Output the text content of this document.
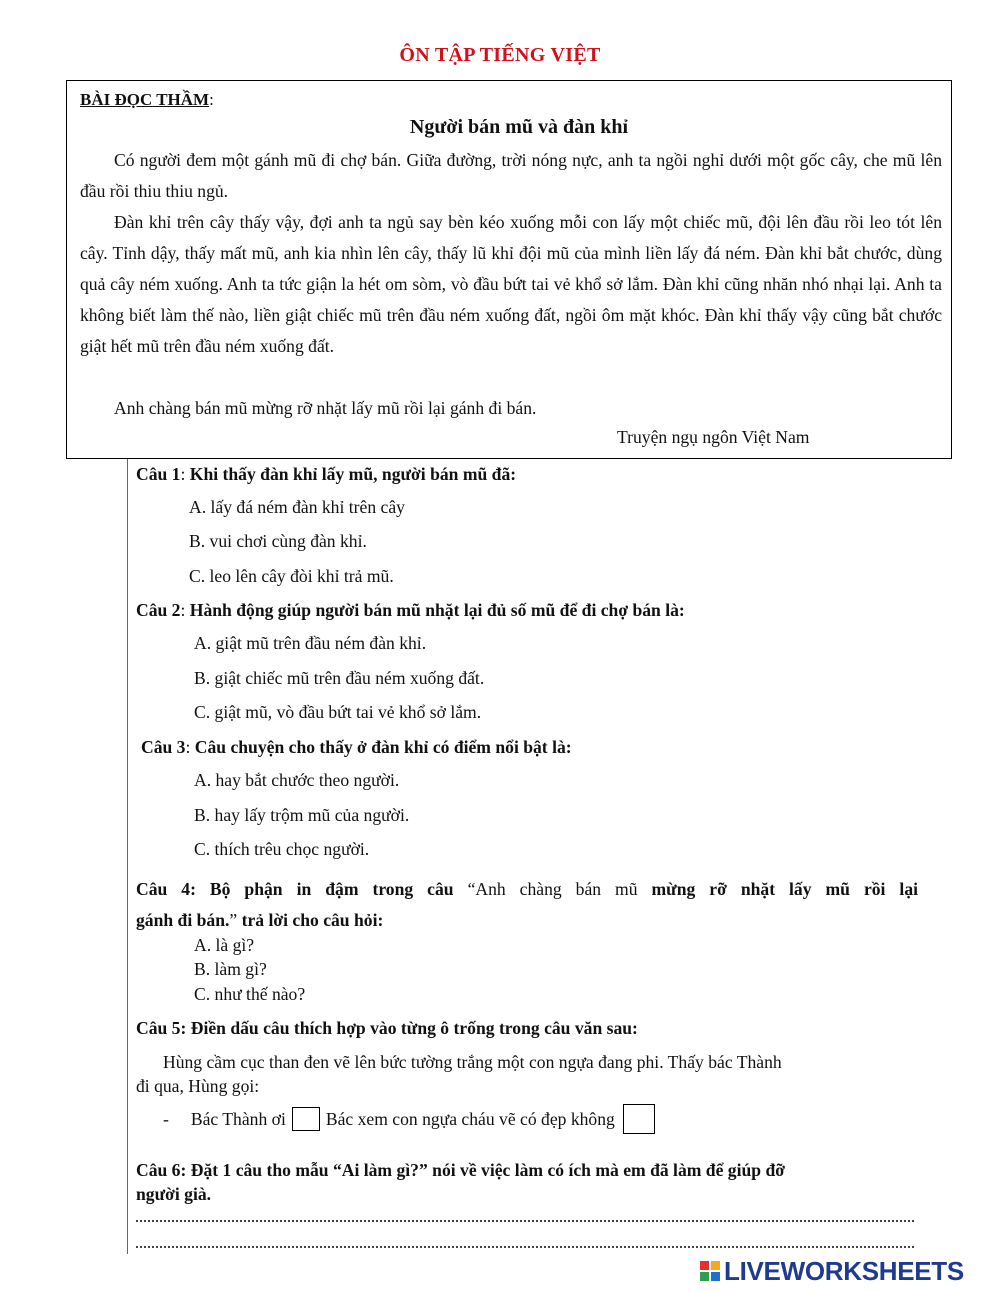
ÔN TẬP TIẾNG VIỆT
BÀI ĐỌC THẦM:
Người bán mũ và đàn khỉ
Có người đem một gánh mũ đi chợ bán. Giữa đường, trời nóng nực, anh ta ngồi nghỉ dưới một gốc cây, che mũ lên đầu rồi thiu thiu ngủ.
Đàn khỉ trên cây thấy vậy, đợi anh ta ngủ say bèn kéo xuống mỗi con lấy một chiếc mũ, đội lên đầu rồi leo tót lên cây. Tỉnh dậy, thấy mất mũ, anh kia nhìn lên cây, thấy lũ khỉ đội mũ của mình liền lấy đá ném. Đàn khỉ bắt chước, dùng quả cây ném xuống. Anh ta tức giận la hét om sòm, vò đầu bứt tai vẻ khổ sở lắm. Đàn khỉ cũng nhăn nhó nhại lại. Anh ta không biết làm thế nào, liền giật chiếc mũ trên đầu ném xuống đất, ngồi ôm mặt khóc. Đàn khỉ thấy vậy cũng bắt chước giật hết mũ trên đầu ném xuống đất.
Anh chàng bán mũ mừng rỡ nhặt lấy mũ rồi lại gánh đi bán.
Truyện ngụ ngôn Việt Nam
Câu 1: Khi thấy đàn khỉ lấy mũ, người bán mũ đã:
A. lấy đá ném đàn khỉ trên cây
B. vui chơi cùng đàn khỉ.
C. leo lên cây đòi khỉ trả mũ.
Câu 2: Hành động giúp người bán mũ nhặt lại đủ số mũ để đi chợ bán là:
A. giật mũ trên đầu ném đàn khỉ.
B. giật chiếc mũ trên đầu ném xuống đất.
C. giật mũ, vò đầu bứt tai vẻ khổ sở lắm.
Câu 3: Câu chuyện cho thấy ở đàn khỉ có điểm nổi bật là:
A. hay bắt chước theo người.
B. hay lấy trộm mũ của người.
C. thích trêu chọc người.
Câu 4: Bộ phận in đậm trong câu “Anh chàng bán mũ mừng rỡ nhặt lấy mũ rồi lại
gánh đi bán.” trả lời cho câu hỏi:
A. là gì?
B. làm gì?
C. như thế nào?
Câu 5: Điền dấu câu thích hợp vào từng ô trống trong câu văn sau:
Hùng cầm cục than đen vẽ lên bức tường trắng một con ngựa đang phi. Thấy bác Thành
đi qua, Hùng gọi:
- Bác Thành ơi Bác xem con ngựa cháu vẽ có đẹp không
Câu 6: Đặt 1 câu tho mẫu “Ai làm gì?” nói về việc làm có ích mà em đã làm để giúp đỡ
người già.
LIVEWORKSHEETS
